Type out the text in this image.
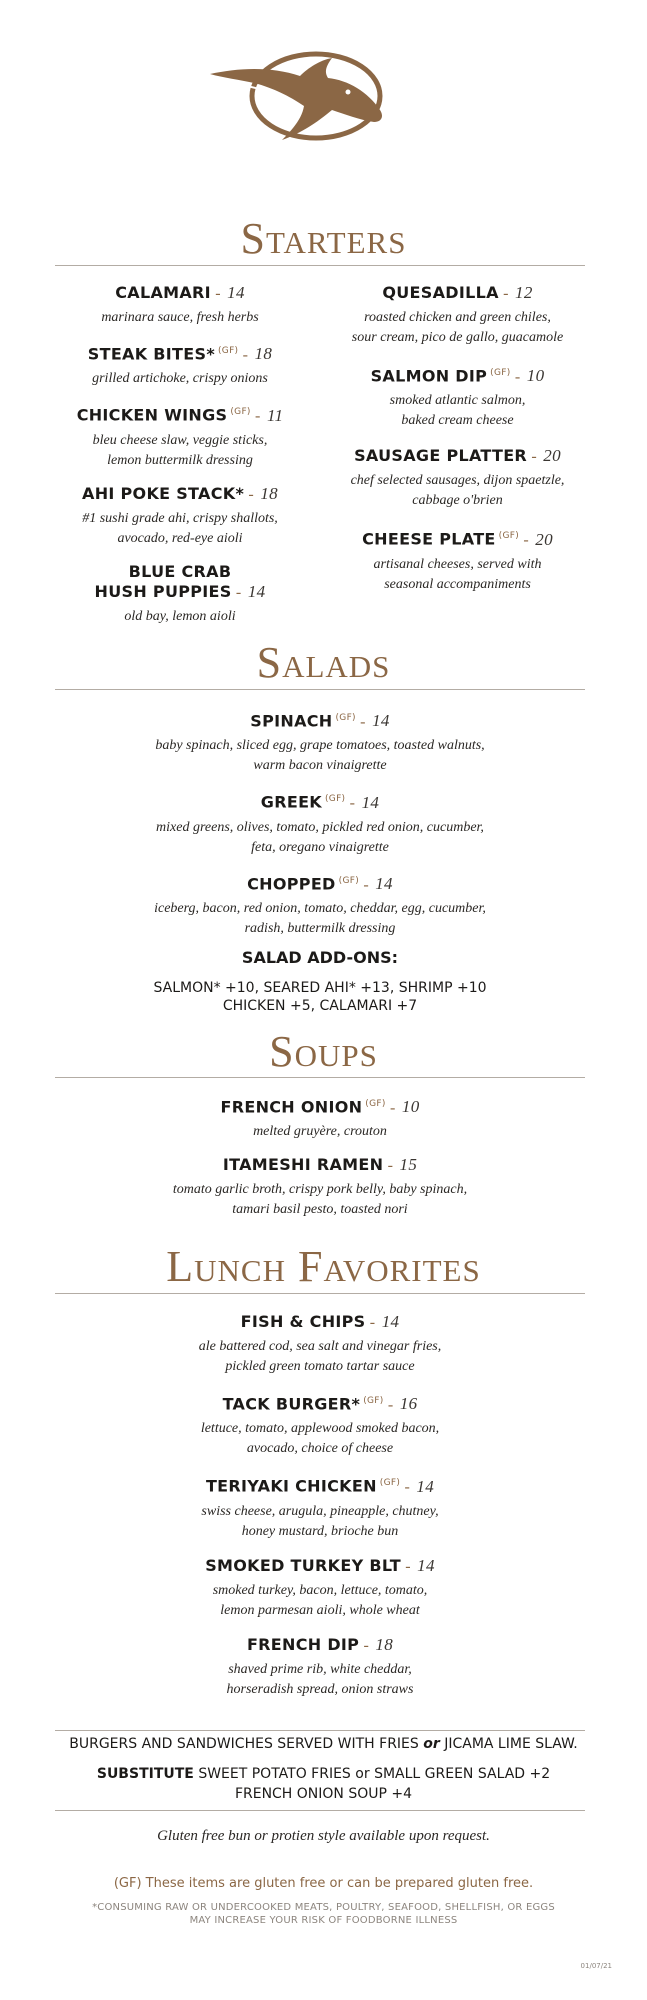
Starters
CALAMARI - 14
marinara sauce, fresh herbs
STEAK BITES* $^{(GF)}$ - 18
grilled artichoke, crispy onions
CHICKEN WINGS $^{(GF)}$ - 11
bleu cheese slaw, veggie sticks,
lemon buttermilk dressing
AHI POKE STACK* - 18
#1 sushi grade ahi, crispy shallots,
avocado, red-eye aioli
BLUE CRAB
HUSH PUPPIES - 14
old bay, lemon aioli
QUESADILLA - 12
roasted chicken and green chiles,
sour cream, pico de gallo, guacamole
SALMON DIP $^{(GF)}$ - 10
smoked atlantic salmon,
baked cream cheese
SAUSAGE PLATTER - 20
chef selected sausages, dijon spaetzle,
cabbage o'brien
CHEESE PLATE $^{(GF)}$ - 20
artisanal cheeses, served with
seasonal accompaniments
Salads
SPINACH $^{(GF)}$ - 14
baby spinach, sliced egg, grape tomatoes, toasted walnuts,
warm bacon vinaigrette
GREEK $^{(GF)}$ - 14
mixed greens, olives, tomato, pickled red onion, cucumber,
feta, oregano vinaigrette
CHOPPED $^{(GF)}$ - 14
iceberg, bacon, red onion, tomato, cheddar, egg, cucumber,
radish, buttermilk dressing
SALAD ADD-ONS:
SALMON* +10, SEARED AHI* +13, SHRIMP +10
CHICKEN +5, CALAMARI +7
Soups
FRENCH ONION $^{(GF)}$ - 10
melted gruyère, crouton
ITAMESHI RAMEN - 15
tomato garlic broth, crispy pork belly, baby spinach,
tamari basil pesto, toasted nori
Lunch Favorites
FISH & CHIPS - 14
ale battered cod, sea salt and vinegar fries,
pickled green tomato tartar sauce
TACK BURGER* $^{(GF)}$ - 16
lettuce, tomato, applewood smoked bacon,
avocado, choice of cheese
TERIYAKI CHICKEN $^{(GF)}$ - 14
swiss cheese, arugula, pineapple, chutney,
honey mustard, brioche bun
SMOKED TURKEY BLT - 14
smoked turkey, bacon, lettuce, tomato,
lemon parmesan aioli, whole wheat
FRENCH DIP - 18
shaved prime rib, white cheddar,
horseradish spread, onion straws
BURGERS AND SANDWICHES SERVED WITH FRIES or JICAMA LIME SLAW.
SUBSTITUTE SWEET POTATO FRIES or SMALL GREEN SALAD +2
FRENCH ONION SOUP +4
Gluten free bun or protien style available upon request.
(GF) These items are gluten free or can be prepared gluten free.
*CONSUMING RAW OR UNDERCOOKED MEATS, POULTRY, SEAFOOD, SHELLFISH, OR EGGS
MAY INCREASE YOUR RISK OF FOODBORNE ILLNESS
01/07/21
